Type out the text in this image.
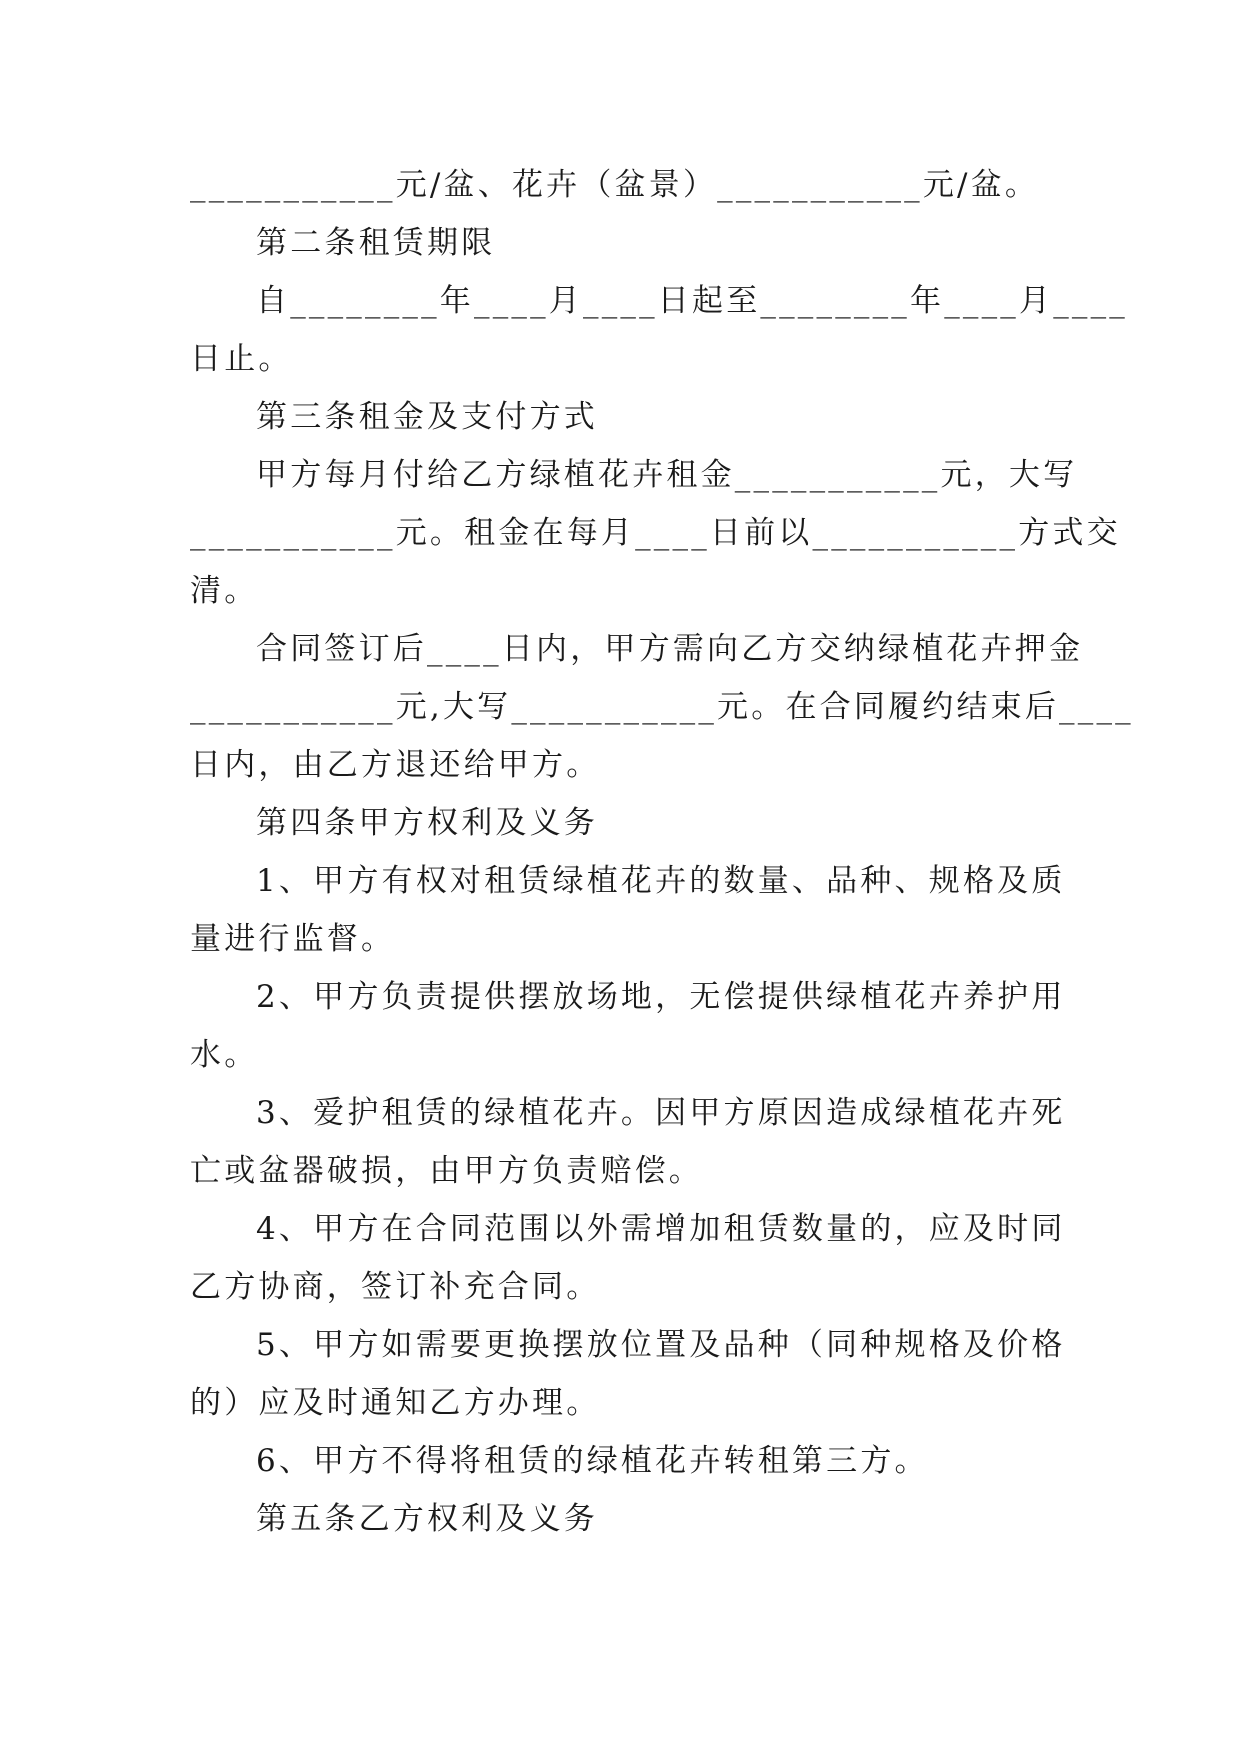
___________元/盆、花卉（盆景）___________元/盆。
第二条租赁期限
自________年____月____日起至________年____月____
日止。
第三条租金及支付方式
甲方每月付给乙方绿植花卉租金___________元，大写
___________元。租金在每月____日前以___________方式交
清。
合同签订后____日内，甲方需向乙方交纳绿植花卉押金
___________元,大写___________元。在合同履约结束后____
日内，由乙方退还给甲方。
第四条甲方权利及义务
1、甲方有权对租赁绿植花卉的数量、品种、规格及质
量进行监督。
2、甲方负责提供摆放场地，无偿提供绿植花卉养护用
水。
3、爱护租赁的绿植花卉。因甲方原因造成绿植花卉死
亡或盆器破损，由甲方负责赔偿。
4、甲方在合同范围以外需增加租赁数量的，应及时同
乙方协商，签订补充合同。
5、甲方如需要更换摆放位置及品种（同种规格及价格
的）应及时通知乙方办理。
6、甲方不得将租赁的绿植花卉转租第三方。
第五条乙方权利及义务
